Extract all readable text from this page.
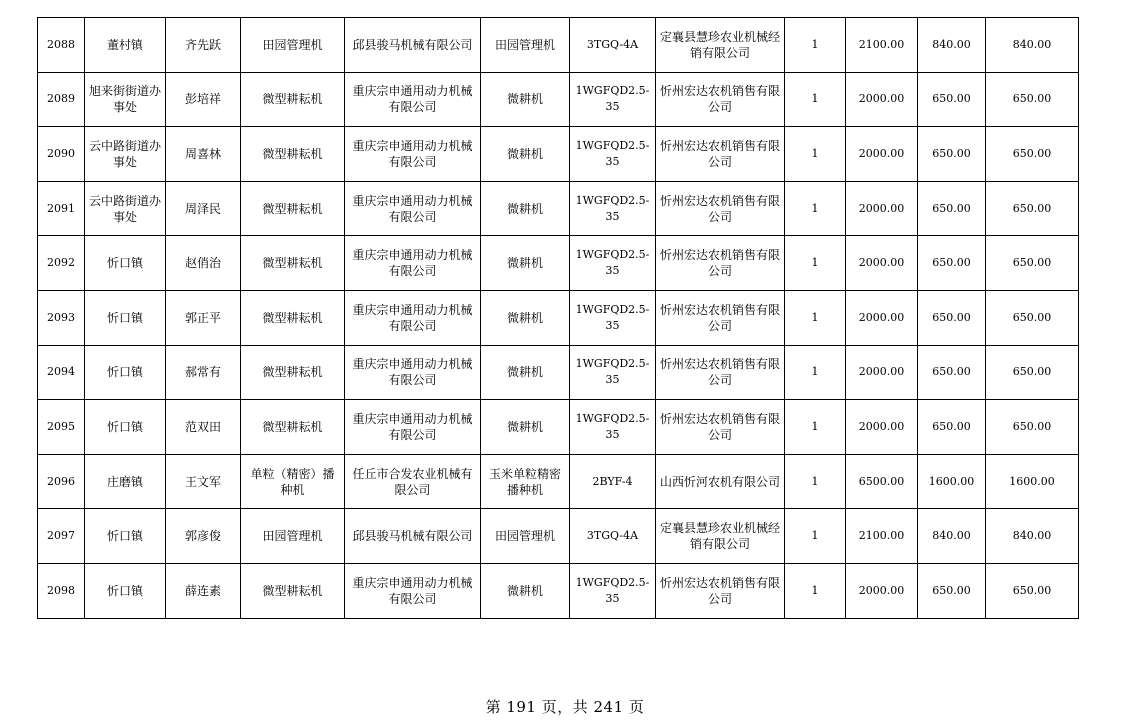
2088	董村镇	齐先跃	田园管理机	邱县骏马机械有限公司	田园管理机	3TGQ-4A	定襄县慧珍农业机械经销有限公司	1	2100.00	840.00	840.00
2089	旭来街街道办事处	彭培祥	微型耕耘机	重庆宗申通用动力机械有限公司	微耕机	1WGFQD2.5-35	忻州宏达农机销售有限公司	1	2000.00	650.00	650.00
2090	云中路街道办事处	周喜林	微型耕耘机	重庆宗申通用动力机械有限公司	微耕机	1WGFQD2.5-35	忻州宏达农机销售有限公司	1	2000.00	650.00	650.00
2091	云中路街道办事处	周泽民	微型耕耘机	重庆宗申通用动力机械有限公司	微耕机	1WGFQD2.5-35	忻州宏达农机销售有限公司	1	2000.00	650.00	650.00
2092	忻口镇	赵俏治	微型耕耘机	重庆宗申通用动力机械有限公司	微耕机	1WGFQD2.5-35	忻州宏达农机销售有限公司	1	2000.00	650.00	650.00
2093	忻口镇	郭正平	微型耕耘机	重庆宗申通用动力机械有限公司	微耕机	1WGFQD2.5-35	忻州宏达农机销售有限公司	1	2000.00	650.00	650.00
2094	忻口镇	郝常有	微型耕耘机	重庆宗申通用动力机械有限公司	微耕机	1WGFQD2.5-35	忻州宏达农机销售有限公司	1	2000.00	650.00	650.00
2095	忻口镇	范双田	微型耕耘机	重庆宗申通用动力机械有限公司	微耕机	1WGFQD2.5-35	忻州宏达农机销售有限公司	1	2000.00	650.00	650.00
2096	庄磨镇	王文军	单粒（精密）播种机	任丘市合发农业机械有限公司	玉米单粒精密播种机	2BYF-4	山西忻河农机有限公司	1	6500.00	1600.00	1600.00
2097	忻口镇	郭彦俊	田园管理机	邱县骏马机械有限公司	田园管理机	3TGQ-4A	定襄县慧珍农业机械经销有限公司	1	2100.00	840.00	840.00
2098	忻口镇	薛连素	微型耕耘机	重庆宗申通用动力机械有限公司	微耕机	1WGFQD2.5-35	忻州宏达农机销售有限公司	1	2000.00	650.00	650.00
第 191 页，共 241 页
